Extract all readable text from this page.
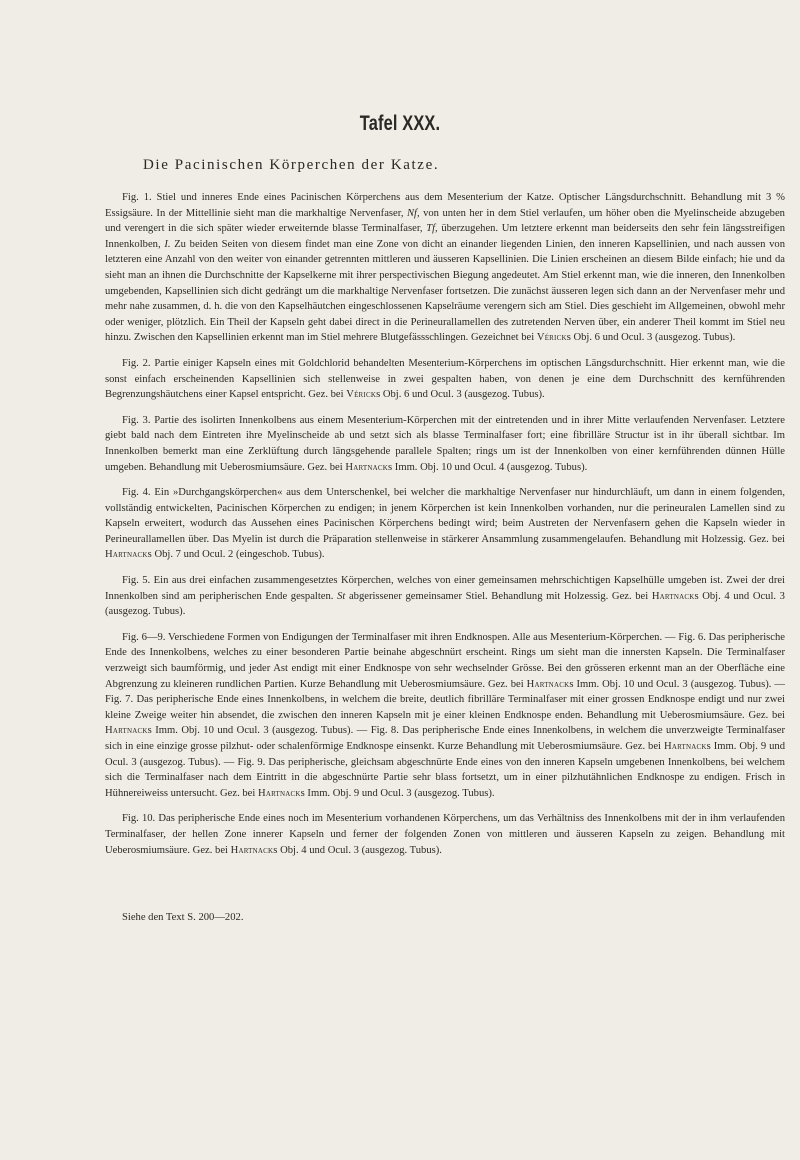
Tafel XXX.
Die Pacinischen Körperchen der Katze.

Fig. 1. Stiel und inneres Ende eines Pacinischen Körperchens aus dem Mesenterium der Katze. Optischer Längsdurchschnitt. Behandlung mit 3 % Essigsäure. In der Mittellinie sieht man die markhaltige Nervenfaser, Nf, von unten her in dem Stiel verlaufen, um höher oben die Myelinscheide abzugeben und verengert in die sich später wieder erweiternde blasse Terminalfaser, Tf, überzugehen. Um letztere erkennt man beiderseits den sehr fein längsstreifigen Innenkolben, I. Zu beiden Seiten von diesem findet man eine Zone von dicht an einander liegenden Linien, den inneren Kapsellinien, und nach aussen von letzteren eine Anzahl von den weiter von einander getrennten mittleren und äusseren Kapsellinien. Die Linien erscheinen an diesem Bilde einfach; hie und da sieht man an ihnen die Durchschnitte der Kapselkerne mit ihrer perspectivischen Biegung angedeutet. Am Stiel erkennt man, wie die inneren, den Innenkolben umgebenden, Kapsellinien sich dicht gedrängt um die markhaltige Nervenfaser fortsetzen. Die zunächst äusseren legen sich dann an der Nervenfaser mehr und mehr nahe zusammen, d. h. die von den Kapselhäutchen eingeschlossenen Kapselräume verengern sich am Stiel. Dies geschieht im Allgemeinen, obwohl mehr oder weniger, plötzlich. Ein Theil der Kapseln geht dabei direct in die Perineurallamellen des zutretenden Nerven über, ein anderer Theil kommt im Stiel neu hinzu. Zwischen den Kapsellinien erkennt man im Stiel mehrere Blutgefässschlingen. Gezeichnet bei Véricks Obj. 6 und Ocul. 3 (ausgezog. Tubus).

Fig. 2. Partie einiger Kapseln eines mit Goldchlorid behandelten Mesenterium-Körperchens im optischen Längsdurchschnitt. Hier erkennt man, wie die sonst einfach erscheinenden Kapsellinien sich stellenweise in zwei gespalten haben, von denen je eine dem Durchschnitt des kernführenden Begrenzungshäutchens einer Kapsel entspricht. Gez. bei Véricks Obj. 6 und Ocul. 3 (ausgezog. Tubus).

Fig. 3. Partie des isolirten Innenkolbens aus einem Mesenterium-Körperchen mit der eintretenden und in ihrer Mitte verlaufenden Nervenfaser. Letztere giebt bald nach dem Eintreten ihre Myelinscheide ab und setzt sich als blasse Terminalfaser fort; eine fibrilläre Structur ist in ihr überall sichtbar. Im Innenkolben bemerkt man eine Zerklüftung durch längsgehende parallele Spalten; rings um ist der Innenkolben von einer kernführenden dünnen Hülle umgeben. Behandlung mit Ueberosmiumsäure. Gez. bei Hartnacks Imm. Obj. 10 und Ocul. 4 (ausgezog. Tubus).

Fig. 4. Ein »Durchgangskörperchen« aus dem Unterschenkel, bei welcher die markhaltige Nervenfaser nur hindurchläuft, um dann in einem folgenden, vollständig entwickelten, Pacinischen Körperchen zu endigen; in jenem Körperchen ist kein Innenkolben vorhanden, nur die perineuralen Lamellen sind zu Kapseln erweitert, wodurch das Aussehen eines Pacinischen Körperchens bedingt wird; beim Austreten der Nervenfasern gehen die Kapseln wieder in Perineurallamellen über. Das Myelin ist durch die Präparation stellenweise in stärkerer Ansammlung zusammengelaufen. Behandlung mit Holzessig. Gez. bei Hartnacks Obj. 7 und Ocul. 2 (eingeschob. Tubus).

Fig. 5. Ein aus drei einfachen zusammengesetztes Körperchen, welches von einer gemeinsamen mehrschichtigen Kapselhülle umgeben ist. Zwei der drei Innenkolben sind am peripherischen Ende gespalten. St abgerissener gemeinsamer Stiel. Behandlung mit Holzessig. Gez. bei Hartnacks Obj. 4 und Ocul. 3 (ausgezog. Tubus).

Fig. 6—9. Verschiedene Formen von Endigungen der Terminalfaser mit ihren Endknospen. Alle aus Mesenterium-Körperchen. — Fig. 6. Das peripherische Ende des Innenkolbens, welches zu einer besonderen Partie beinahe abgeschnürt erscheint. Rings um sieht man die innersten Kapseln. Die Terminalfaser verzweigt sich baumförmig, und jeder Ast endigt mit einer Endknospe von sehr wechselnder Grösse. Bei den grösseren erkennt man an der Oberfläche eine Abgrenzung zu kleineren rundlichen Partien. Kurze Behandlung mit Ueberosmiumsäure. Gez. bei Hartnacks Imm. Obj. 10 und Ocul. 3 (ausgezog. Tubus). — Fig. 7. Das peripherische Ende eines Innenkolbens, in welchem die breite, deutlich fibrilläre Terminalfaser mit einer grossen Endknospe endigt und nur zwei kleine Zweige weiter hin absendet, die zwischen den inneren Kapseln mit je einer kleinen Endknospe enden. Behandlung mit Ueberosmiumsäure. Gez. bei Hartnacks Imm. Obj. 10 und Ocul. 3 (ausgezog. Tubus). — Fig. 8. Das peripherische Ende eines Innenkolbens, in welchem die unverzweigte Terminalfaser sich in eine einzige grosse pilzhut- oder schalenförmige Endknospe einsenkt. Kurze Behandlung mit Ueberosmiumsäure. Gez. bei Hartnacks Imm. Obj. 9 und Ocul. 3 (ausgezog. Tubus). — Fig. 9. Das peripherische, gleichsam abgeschnürte Ende eines von den inneren Kapseln umgebenen Innenkolbens, bei welchem sich die Terminalfaser nach dem Eintritt in die abgeschnürte Partie sehr blass fortsetzt, um in einer pilzhutähnlichen Endknospe zu endigen. Frisch in Hühnereiweiss untersucht. Gez. bei Hartnacks Imm. Obj. 9 und Ocul. 3 (ausgezog. Tubus).

Fig. 10. Das peripherische Ende eines noch im Mesenterium vorhandenen Körperchens, um das Verhältniss des Innenkolbens mit der in ihm verlaufenden Terminalfaser, der hellen Zone innerer Kapseln und ferner der folgenden Zonen von mittleren und äusseren Kapseln zu zeigen. Behandlung mit Ueberosmiumsäure. Gez. bei Hartnacks Obj. 4 und Ocul. 3 (ausgezog. Tubus).

Siehe den Text S. 200—202.
